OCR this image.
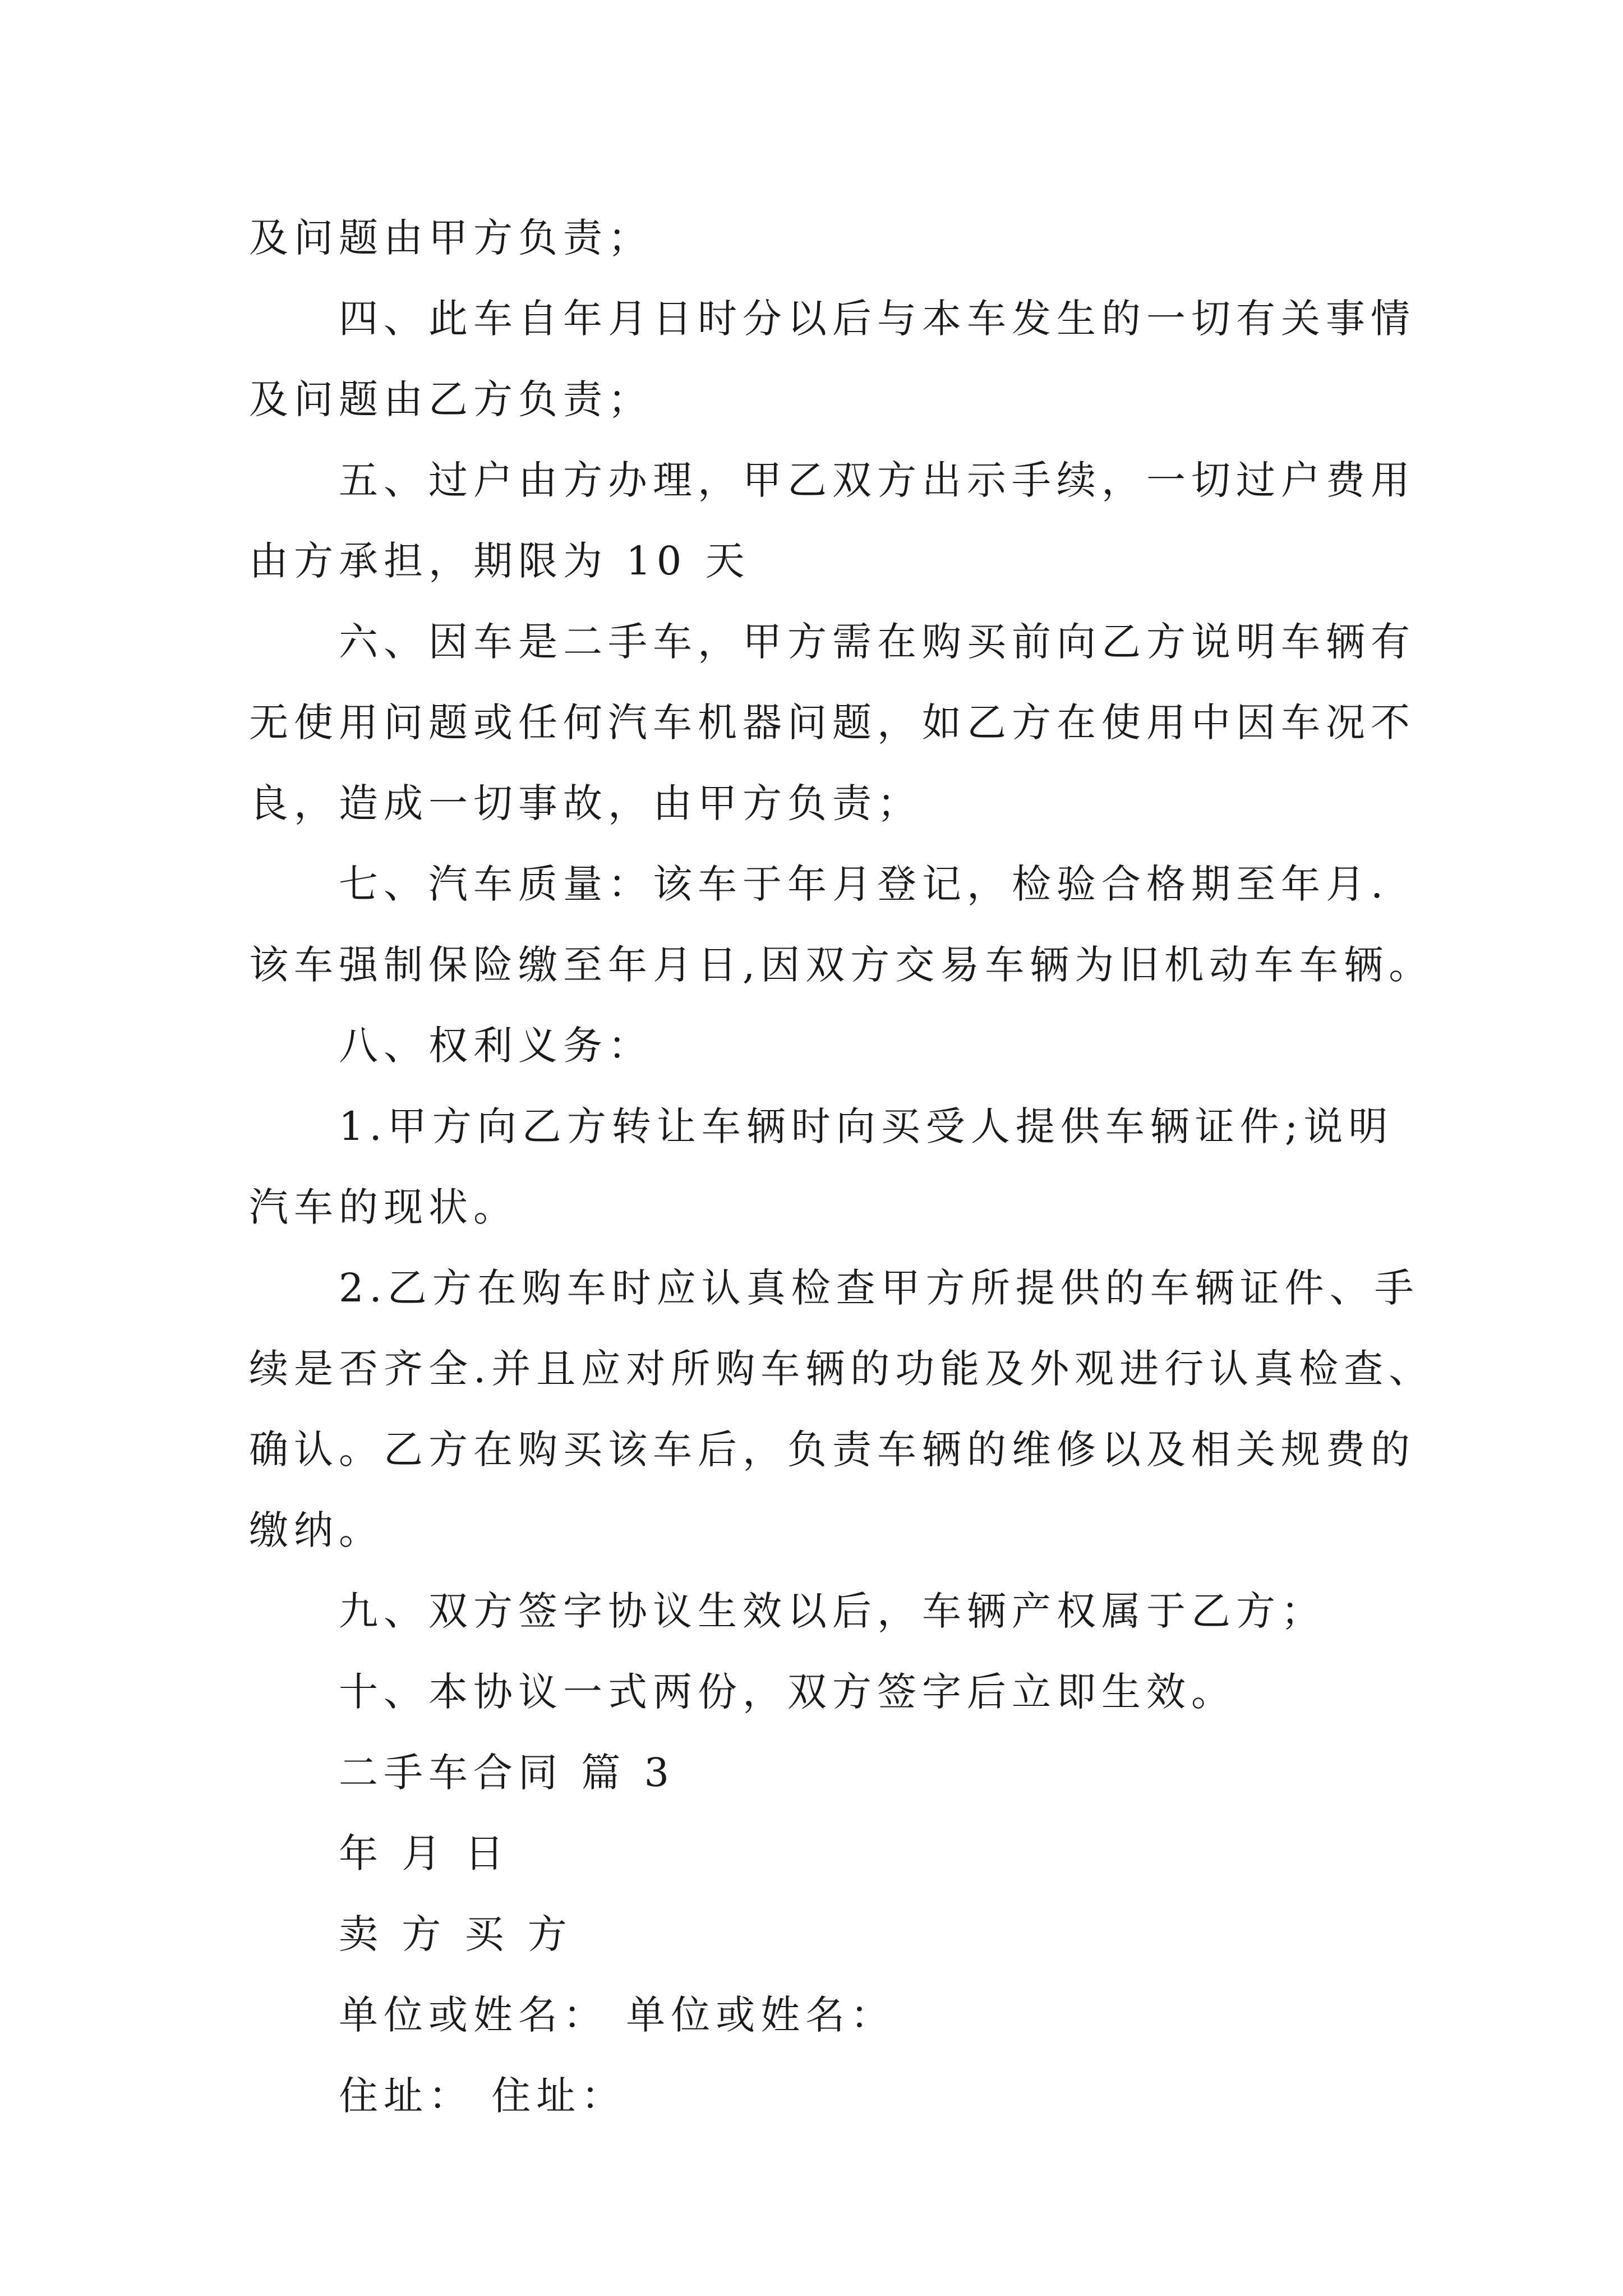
及问题由甲方负责；
四、此车自年月日时分以后与本车发生的一切有关事情
及问题由乙方负责；
五、过户由方办理，甲乙双方出示手续，一切过户费用
由方承担，期限为 10 天
六、因车是二手车，甲方需在购买前向乙方说明车辆有
无使用问题或任何汽车机器问题，如乙方在使用中因车况不
良，造成一切事故，由甲方负责；
七、汽车质量：该车于年月登记，检验合格期至年月.
该车强制保险缴至年月日,因双方交易车辆为旧机动车车辆。
八、权利义务：
1.甲方向乙方转让车辆时向买受人提供车辆证件;说明
汽车的现状。
2.乙方在购车时应认真检查甲方所提供的车辆证件、手
续是否齐全.并且应对所购车辆的功能及外观进行认真检查、
确认。乙方在购买该车后，负责车辆的维修以及相关规费的
缴纳。
九、双方签字协议生效以后，车辆产权属于乙方；
十、本协议一式两份，双方签字后立即生效。
二手车合同 篇 3
年 月 日
卖 方 买 方
单位或姓名： 单位或姓名：
住址： 住址：
